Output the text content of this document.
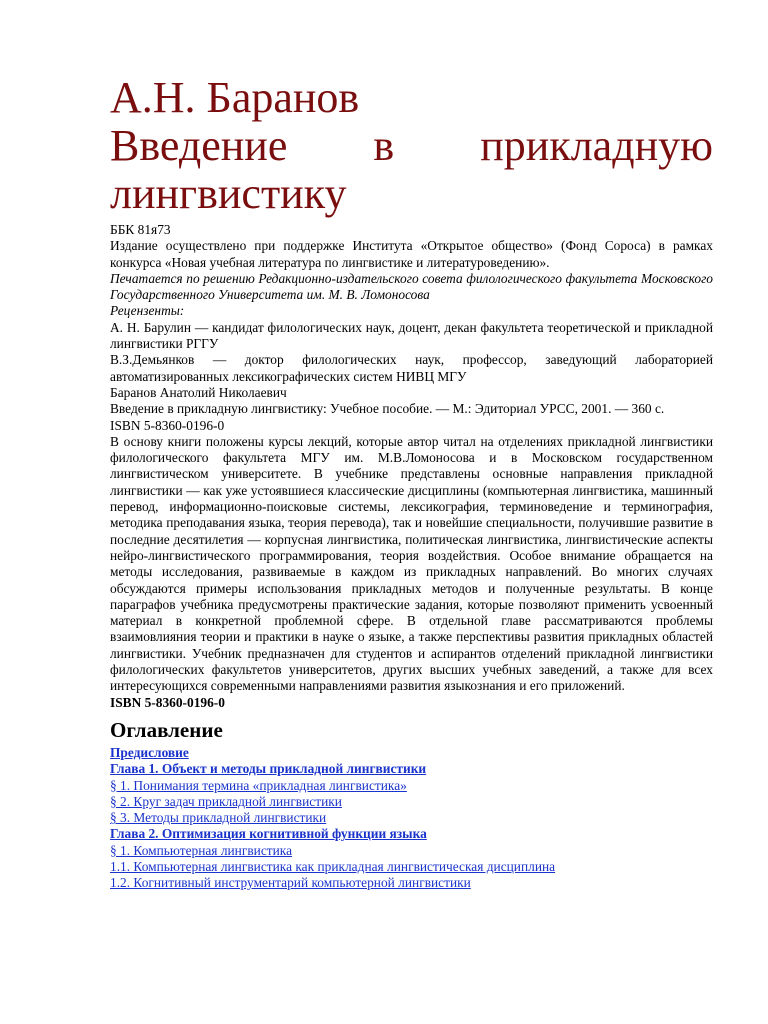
А.Н. Баранов
Введение в прикладную
лингвистику

ББК 81я73

Издание осуществлено при поддержке Института «Открытое общество» (Фонд Сороса) в рамках конкурса «Новая учебная литература по лингвистике и литературоведению».

Печатается по решению Редакционно-издательского совета филологического факультета Московского Государственного Университета им. М. В. Ломоносова

Рецензенты:

А. Н. Барулин — кандидат филологических наук, доцент, декан факультета теоретической и прикладной лингвистики РГГУ

В.З.Демьянков — доктор филологических наук, профессор, заведующий лабораторией автоматизированных лексикографических систем НИВЦ МГУ

Баранов Анатолий Николаевич

Введение в прикладную лингвистику: Учебное пособие. — М.: Эдиториал УРСС, 2001. — 360 с.

ISBN 5-8360-0196-0

В основу книги положены курсы лекций, которые автор читал на отделениях прикладной лингвистики филологического факультета МГУ им. М.В.Ломоносова и в Московском государственном лингвистическом университете. В учебнике представлены основные направления прикладной лингвистики — как уже устоявшиеся классические дисциплины (компьютерная лингвистика, машинный перевод, информационно-поисковые системы, лексикография, терминоведение и терминография, методика преподавания языка, теория перевода), так и новейшие специальности, получившие развитие в последние десятилетия — корпусная лингвистика, политическая лингвистика, лингвистические аспекты нейро-лингвистического программирования, теория воздействия. Особое внимание обращается на методы исследования, развиваемые в каждом из прикладных направлений. Во многих случаях обсуждаются примеры использования прикладных методов и полученные результаты. В конце параграфов учебника предусмотрены практические задания, которые позволяют применить усвоенный материал в конкретной проблемной сфере. В отдельной главе рассматриваются проблемы взаимовлияния теории и практики в науке о языке, а также перспективы развития прикладных областей лингвистики. Учебник предназначен для студентов и аспирантов отделений прикладной лингвистики филологических факультетов университетов, других высших учебных заведений, а также для всех интересующихся современными направлениями развития языкознания и его приложений.

ISBN 5-8360-0196-0

Оглавление
Предисловие
Глава 1. Объект и методы прикладной лингвистики
§ 1. Понимания термина «прикладная лингвистика»
§ 2. Круг задач прикладной лингвистики
§ 3. Методы прикладной лингвистики
Глава 2. Оптимизация когнитивной функции языка
§ 1. Компьютерная лингвистика
1.1. Компьютерная лингвистика как прикладная лингвистическая дисциплина
1.2. Когнитивный инструментарий компьютерной лингвистики
